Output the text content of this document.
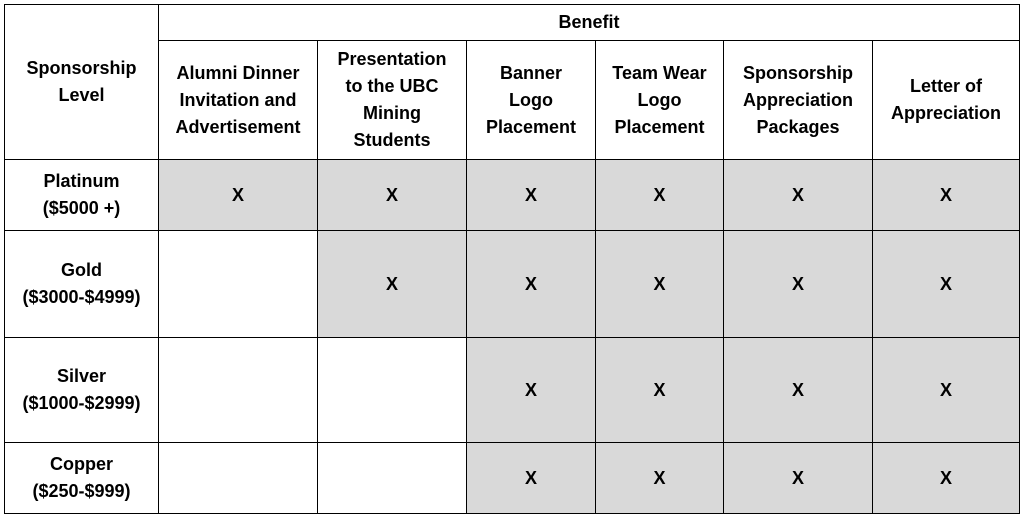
Sponsorship
Level	Benefit					

	Alumni Dinner
Invitation and
Advertisement	Presentation
to the UBC
Mining
Students	Banner
Logo
Placement	Team Wear
Logo
Placement	Sponsorship
Appreciation
Packages	Letter of
Appreciation

Platinum
($5000 +)	X	X	X	X	X	X

Gold
($3000-$4999)		X	X	X	X	X

Silver
($1000-$2999)			X	X	X	X

Copper
($250-$999)			X	X	X	X
